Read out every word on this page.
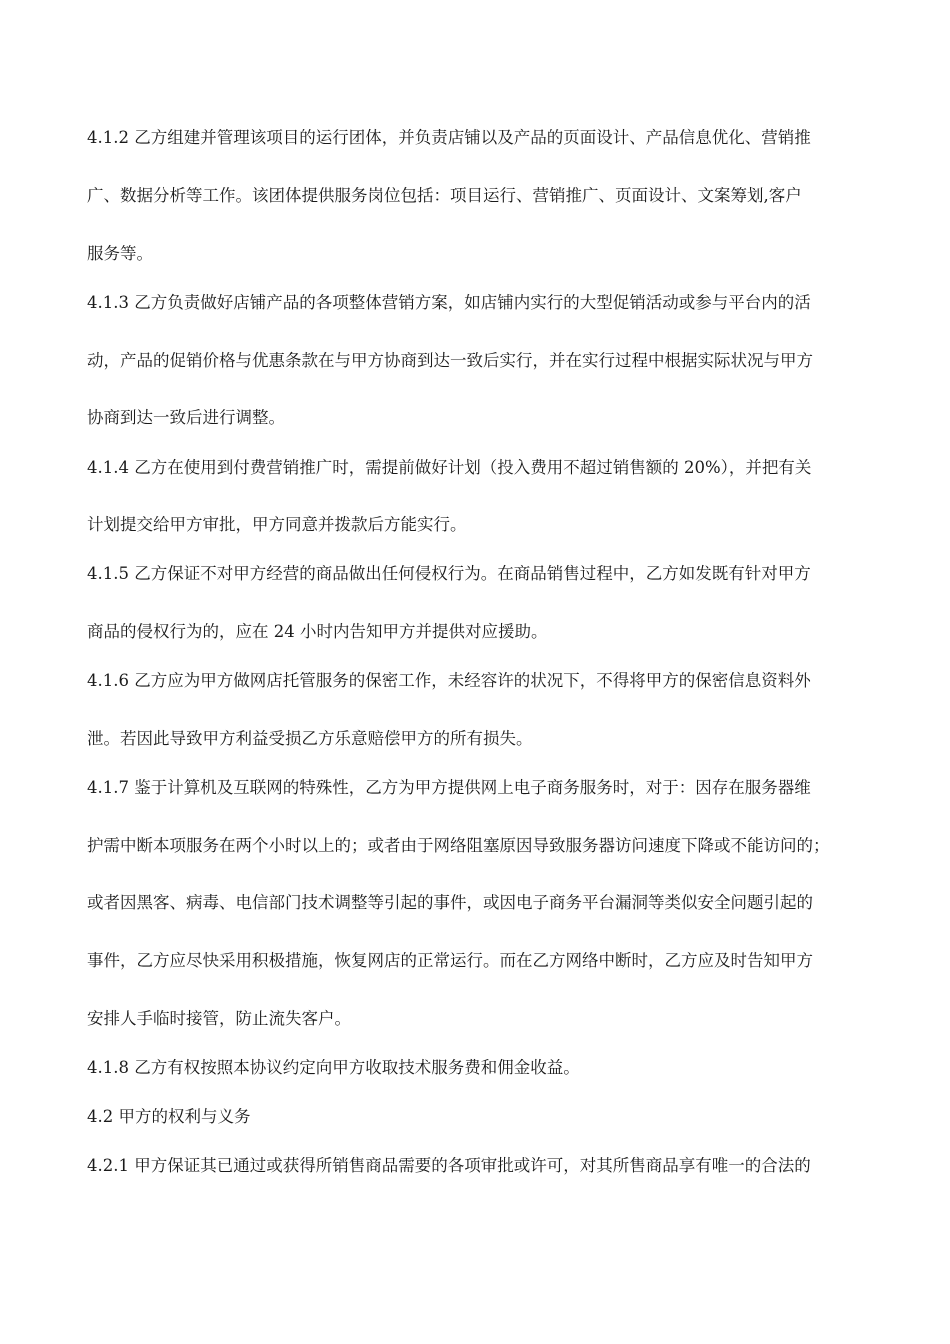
4.1.2 乙方组建并管理该项目的运行团体，并负责店铺以及产品的页面设计、产品信息优化、营销推
广、数据分析等工作。该团体提供服务岗位包括：项目运行、营销推广、页面设计、文案筹划,客户
服务等。
4.1.3 乙方负责做好店铺产品的各项整体营销方案，如店铺内实行的大型促销活动或参与平台内的活
动，产品的促销价格与优惠条款在与甲方协商到达一致后实行，并在实行过程中根据实际状况与甲方
协商到达一致后进行调整。
4.1.4 乙方在使用到付费营销推广时，需提前做好计划（投入费用不超过销售额的 20%），并把有关
计划提交给甲方审批，甲方同意并拨款后方能实行。
4.1.5 乙方保证不对甲方经营的商品做出任何侵权行为。在商品销售过程中，乙方如发既有针对甲方
商品的侵权行为的，应在 24 小时内告知甲方并提供对应援助。
4.1.6 乙方应为甲方做网店托管服务的保密工作，未经容许的状况下，不得将甲方的保密信息资料外
泄。若因此导致甲方利益受损乙方乐意赔偿甲方的所有损失。
4.1.7 鉴于计算机及互联网的特殊性，乙方为甲方提供网上电子商务服务时，对于：因存在服务器维
护需中断本项服务在两个小时以上的；或者由于网络阻塞原因导致服务器访问速度下降或不能访问的；
或者因黑客、病毒、电信部门技术调整等引起的事件，或因电子商务平台漏洞等类似安全问题引起的
事件，乙方应尽快采用积极措施，恢复网店的正常运行。而在乙方网络中断时，乙方应及时告知甲方
安排人手临时接管，防止流失客户。
4.1.8 乙方有权按照本协议约定向甲方收取技术服务费和佣金收益。
4.2 甲方的权利与义务
4.2.1 甲方保证其已通过或获得所销售商品需要的各项审批或许可，对其所售商品享有唯一的合法的
